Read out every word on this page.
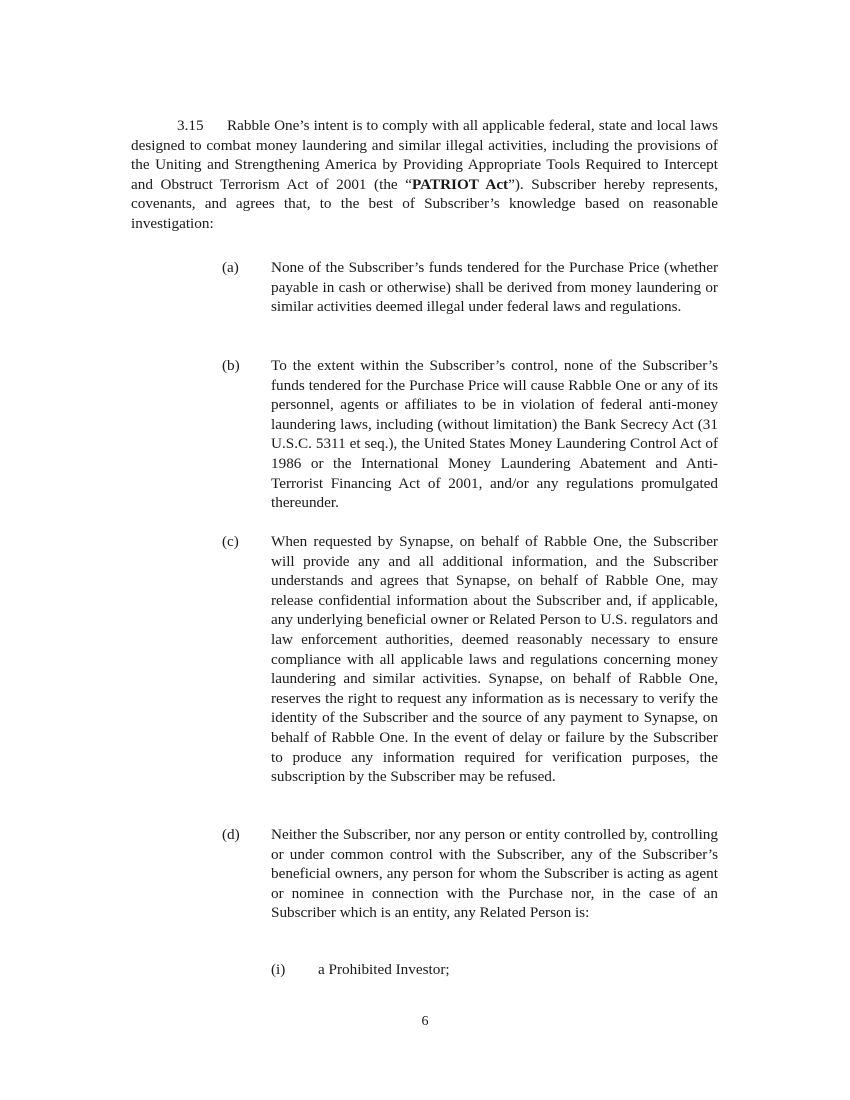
3.15 Rabble One’s intent is to comply with all applicable federal, state and local laws designed to combat money laundering and similar illegal activities, including the provisions of the Uniting and Strengthening America by Providing Appropriate Tools Required to Intercept and Obstruct Terrorism Act of 2001 (the “PATRIOT Act”). Subscriber hereby represents, covenants, and agrees that, to the best of Subscriber’s knowledge based on reasonable investigation:

(a)	None of the Subscriber’s funds tendered for the Purchase Price (whether payable in cash or otherwise) shall be derived from money laundering or similar activities deemed illegal under federal laws and regulations.
(b)	To the extent within the Subscriber’s control, none of the Subscriber’s funds tendered for the Purchase Price will cause Rabble One or any of its personnel, agents or affiliates to be in violation of federal anti-money laundering laws, including (without limitation) the Bank Secrecy Act (31 U.S.C. 5311 et seq.), the United States Money Laundering Control Act of 1986 or the International Money Laundering Abatement and Anti-Terrorist Financing Act of 2001, and/or any regulations promulgated thereunder.
(c)	When requested by Synapse, on behalf of Rabble One, the Subscriber will provide any and all additional information, and the Subscriber understands and agrees that Synapse, on behalf of Rabble One, may release confidential information about the Subscriber and, if applicable, any underlying beneficial owner or Related Person to U.S. regulators and law enforcement authorities, deemed reasonably necessary to ensure compliance with all applicable laws and regulations concerning money laundering and similar activities. Synapse, on behalf of Rabble One, reserves the right to request any information as is necessary to verify the identity of the Subscriber and the source of any payment to Synapse, on behalf of Rabble One. In the event of delay or failure by the Subscriber to produce any information required for verification purposes, the subscription by the Subscriber may be refused.
(d)	Neither the Subscriber, nor any person or entity controlled by, controlling or under common control with the Subscriber, any of the Subscriber’s beneficial owners, any person for whom the Subscriber is acting as agent or nominee in connection with the Purchase nor, in the case of an Subscriber which is an entity, any Related Person is:
(i) a Prohibited Investor;
6
